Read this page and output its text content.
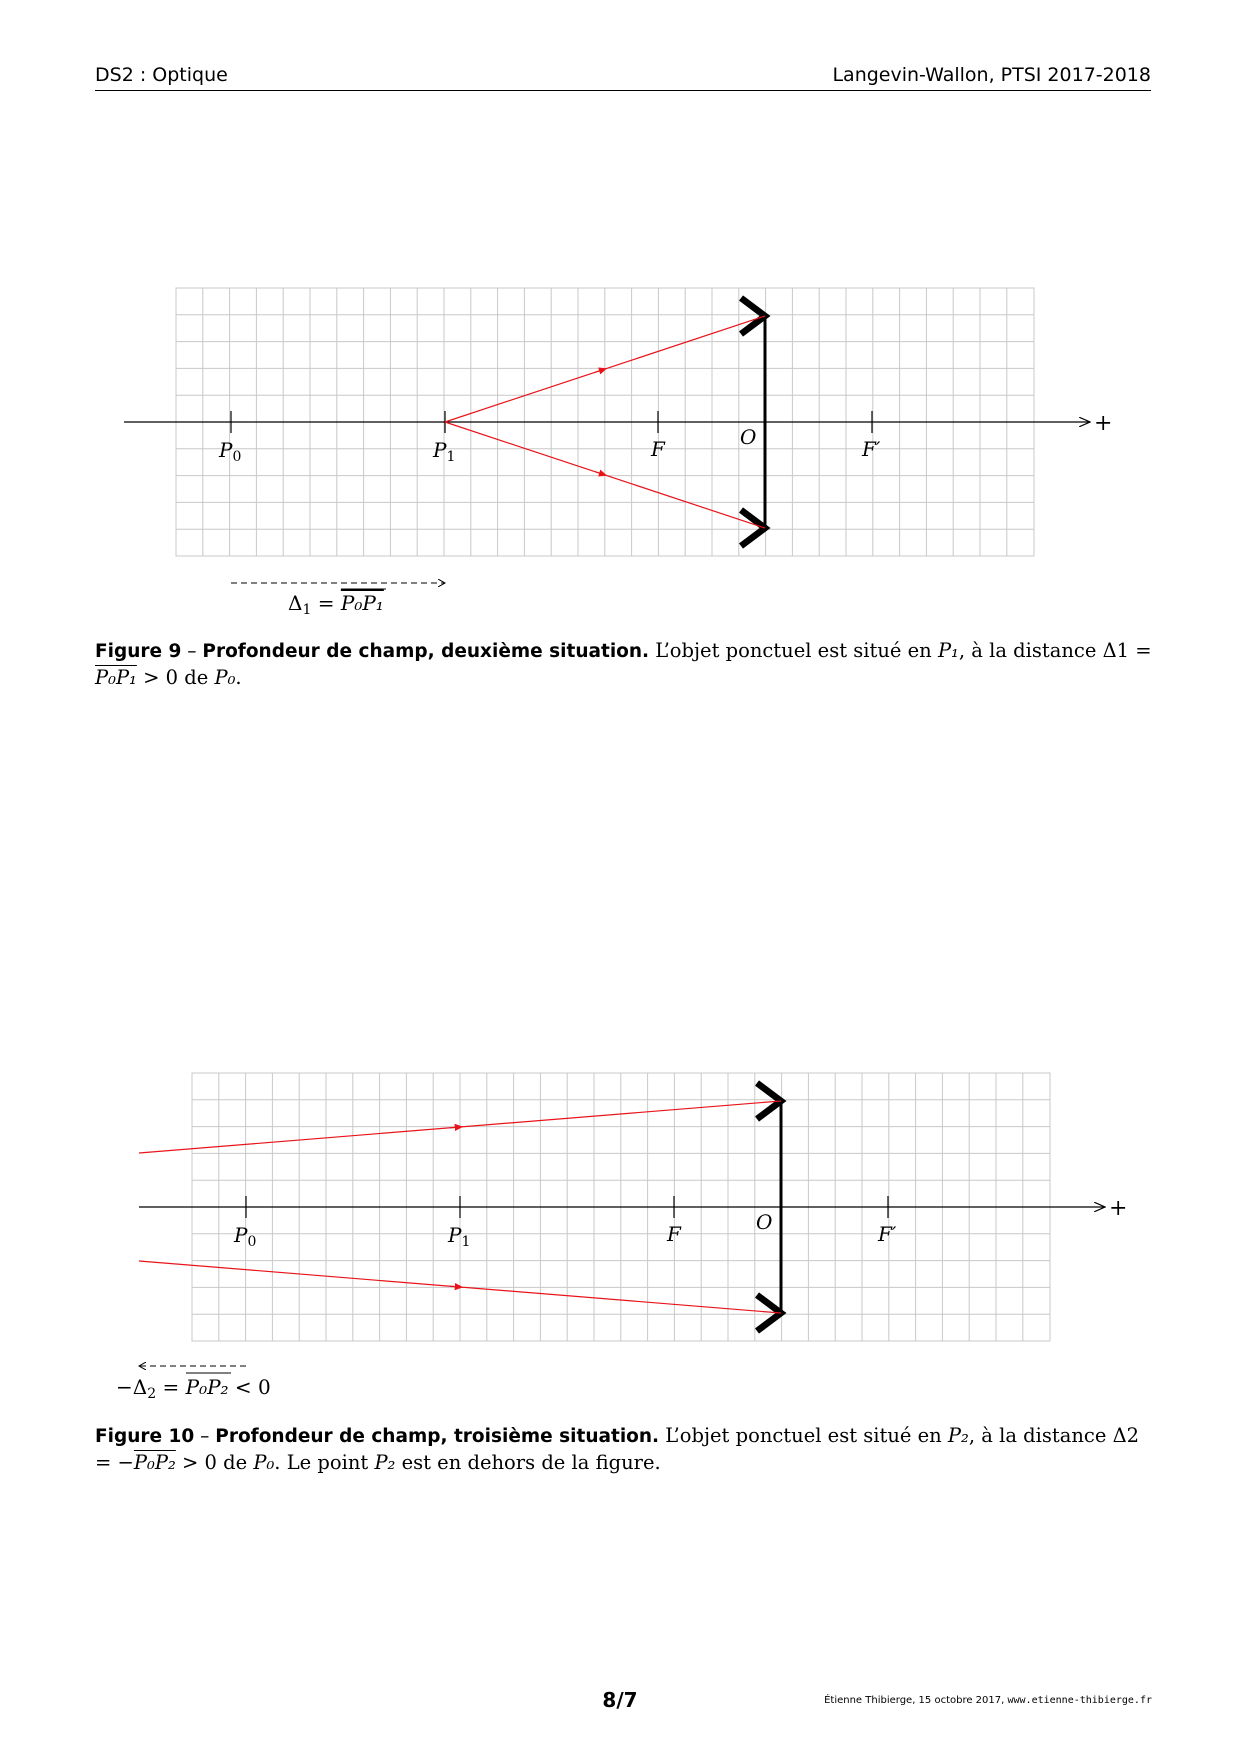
DS2 : Optique	Langevin-Wallon, PTSI 2017-2018
+
$P_0$	$P_1$	F	O	F′
$\Delta_1 = P_0P_1$
Figure 9 – Profondeur de champ, deuxième situation. L’objet ponctuel est situé en P₁, à la distance Δ1 = P₀P₁ > 0 de P₀.
+
$P_0$	$P_1$	F	O	F′
$-\Delta_2 = P_0P_2 < 0$
Figure 10 – Profondeur de champ, troisième situation. L’objet ponctuel est situé en P₂, à la distance Δ2 = −P₀P₂ > 0 de P₀. Le point P₂ est en dehors de la figure.
8/7	Étienne Thibierge, 15 octobre 2017, www.etienne-thibierge.fr
